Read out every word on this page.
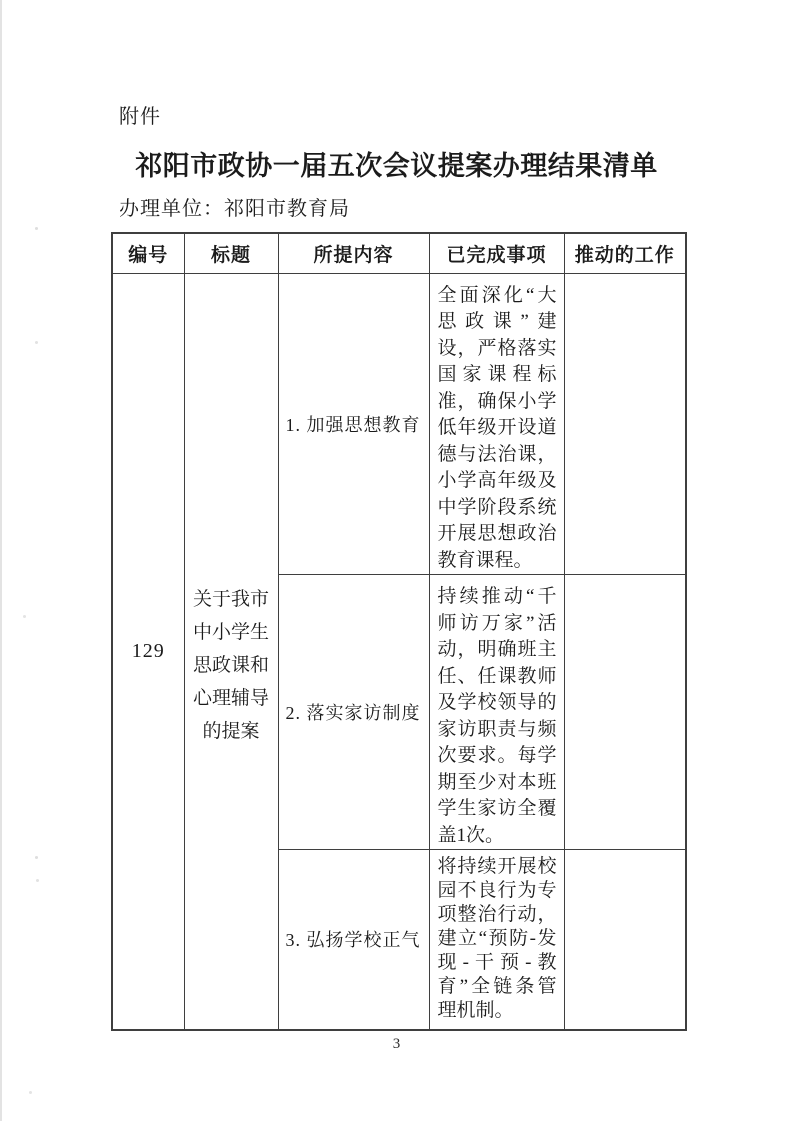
附件
祁阳市政协一届五次会议提案办理结果清单
办理单位：祁阳市教育局
编号	标题	所提内容	已完成事项	推动的工作
129	关于我市中小学生思政课和心理辅导的提案	1. 加强思想教育	全面深化“大思政课”建设，严格落实国家课程标准，确保小学低年级开设道德与法治课，小学高年级及中学阶段系统开展思想政治教育课程。	
		2. 落实家访制度	持续推动“千师访万家”活动，明确班主任、任课教师及学校领导的家访职责与频次要求。每学期至少对本班学生家访全覆盖1次。	
		3. 弘扬学校正气	将持续开展校园不良行为专项整治行动，建立“预防-发现-干预-教育”全链条管理机制。	
3
